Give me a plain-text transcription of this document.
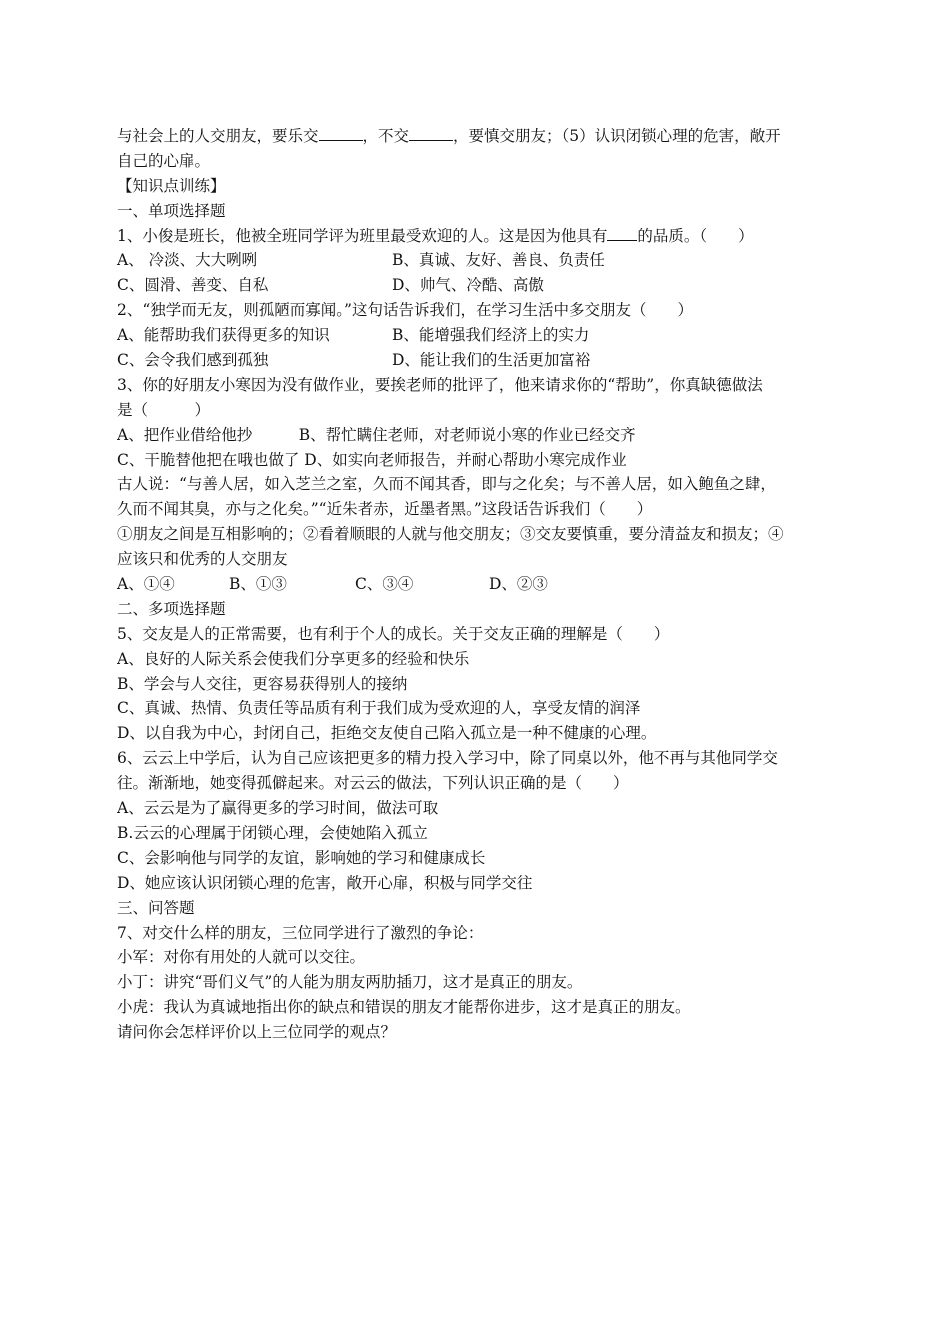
与社会上的人交朋友，要乐交	，不交	，要慎交朋友；（5）认识闭锁心理的危害，敞开
自己的心扉。
【知识点训练】
一、单项选择题
1、小俊是班长，他被全班同学评为班里最受欢迎的人。这是因为他具有 的品质。（　　）
A、 冷淡、大大咧咧	B、真诚、友好、善良、负责任
C、圆滑、善变、自私	D、帅气、冷酷、高傲
2、“独学而无友，则孤陋而寡闻。”这句话告诉我们，在学习生活中多交朋友（　　）
A、能帮助我们获得更多的知识	B、能增强我们经济上的实力
C、会令我们感到孤独	D、能让我们的生活更加富裕
3、你的好朋友小寒因为没有做作业，要挨老师的批评了，他来请求你的“帮助”，你真缺德做法
是（　　　）
A、把作业借给他抄　　　B、帮忙瞒住老师，对老师说小寒的作业已经交齐
C、干脆替他把在哦也做了 D、如实向老师报告，并耐心帮助小寒完成作业
古人说：“与善人居，如入芝兰之室，久而不闻其香，即与之化矣；与不善人居，如入鲍鱼之肆，
久而不闻其臭，亦与之化矣。”“近朱者赤，近墨者黑。”这段话告诉我们（　　）
①朋友之间是互相影响的；②看着顺眼的人就与他交朋友；③交友要慎重，要分清益友和损友；④
应该只和优秀的人交朋友
A、①④	B、①③	C、③④	D、②③
二、多项选择题
5、交友是人的正常需要，也有利于个人的成长。关于交友正确的理解是（　　）
A、良好的人际关系会使我们分享更多的经验和快乐
B、学会与人交往，更容易获得别人的接纳
C、真诚、热情、负责任等品质有利于我们成为受欢迎的人，享受友情的润泽
D、以自我为中心，封闭自己，拒绝交友使自己陷入孤立是一种不健康的心理。
6、云云上中学后，认为自己应该把更多的精力投入学习中，除了同桌以外，他不再与其他同学交
往。渐渐地，她变得孤僻起来。对云云的做法，下列认识正确的是（　　）
A、云云是为了赢得更多的学习时间，做法可取
B.云云的心理属于闭锁心理，会使她陷入孤立
C、会影响他与同学的友谊，影响她的学习和健康成长
D、她应该认识闭锁心理的危害，敞开心扉，积极与同学交往
三、问答题
7、对交什么样的朋友，三位同学进行了激烈的争论：
小军：对你有用处的人就可以交往。
小丁：讲究“哥们义气”的人能为朋友两肋插刀，这才是真正的朋友。
小虎：我认为真诚地指出你的缺点和错误的朋友才能帮你进步，这才是真正的朋友。
请问你会怎样评价以上三位同学的观点？
